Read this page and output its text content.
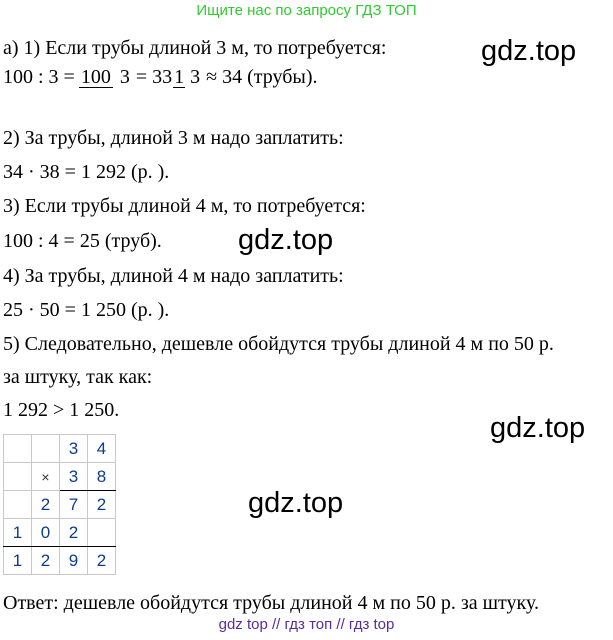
Ищите нас по запросу ГДЗ ТОП
а) 1) Если трубы длиной 3 м, то потребуется:	gdz.top
100 : 3 = 100 3 = 33 1 3 ≈ 34 (трубы).
2) За трубы, длиной 3 м надо заплатить:
34 · 38 = 1 292 (р. ).
3) Если трубы длиной 4 м, то потребуется:
100 : 4 = 25 (труб).	gdz.top
4) За трубы, длиной 4 м надо заплатить:
25 · 50 = 1 250 (р. ).
5) Следовательно, дешевле обойдутся трубы длиной 4 м по 50 р.
за штуку, так как:
1 292 > 1 250.
gdz.top
		3	4
	×	3	8
	2	7	2
1	0	2	
1	2	9	2
gdz.top
Ответ: дешевле обойдутся трубы длиной 4 м по 50 р. за штуку.
gdz top // гдз топ // гдз top
